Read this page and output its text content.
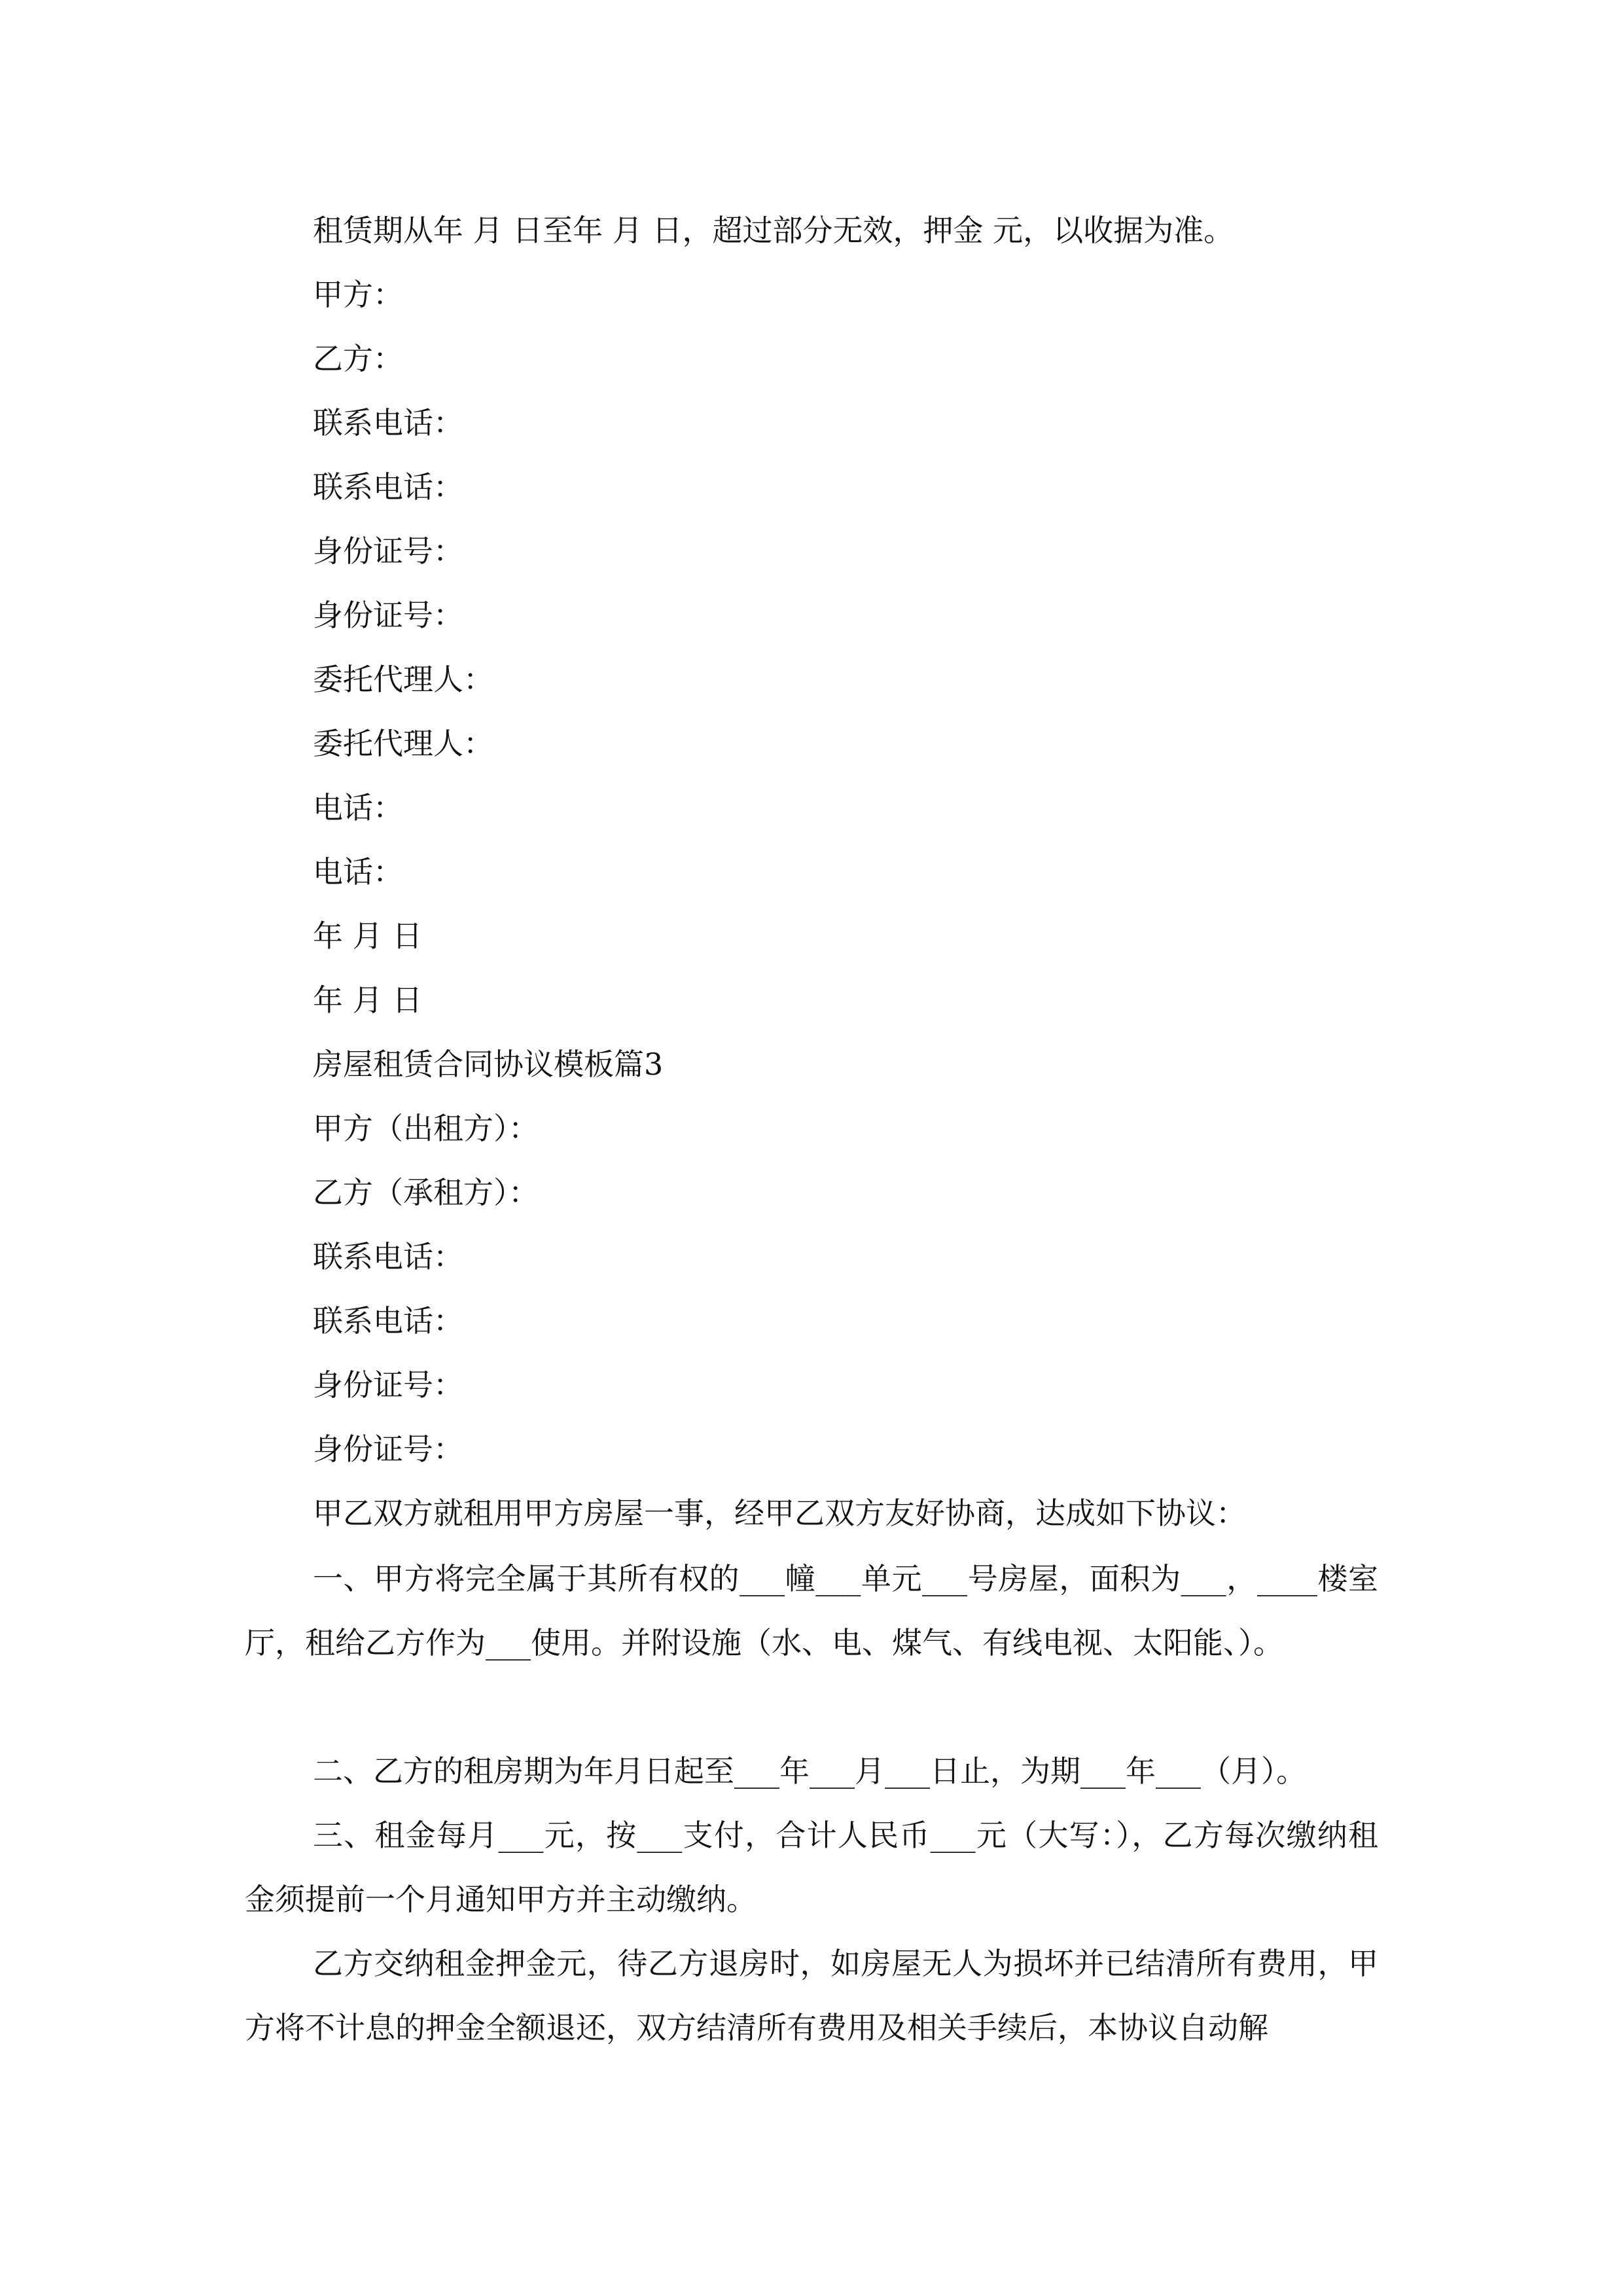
租赁期从年 月 日至年 月 日，超过部分无效，押金 元，以收据为准。

甲方：

乙方：

联系电话：

联系电话：

身份证号：

身份证号：

委托代理人：

委托代理人：

电话：

电话：

年 月 日

年 月 日

房屋租赁合同协议模板篇3

甲方（出租方）：

乙方（承租方）：

联系电话：

联系电话：

身份证号：

身份证号：

甲乙双方就租用甲方房屋一事，经甲乙双方友好协商，达成如下协议：

一、甲方将完全属于其所有权的___幢___单元___号房屋，面积为___，____楼室厅，租给乙方作为___使用。并附设施（水、电、煤气、有线电视、太阳能、）。

二、乙方的租房期为年月日起至___年___月___日止，为期___年___（月）。

三、租金每月___元，按___支付，合计人民币___元（大写：），乙方每次缴纳租金须提前一个月通知甲方并主动缴纳。

乙方交纳租金押金元，待乙方退房时，如房屋无人为损坏并已结清所有费用，甲方将不计息的押金全额退还，双方结清所有费用及相关手续后，本协议自动解
